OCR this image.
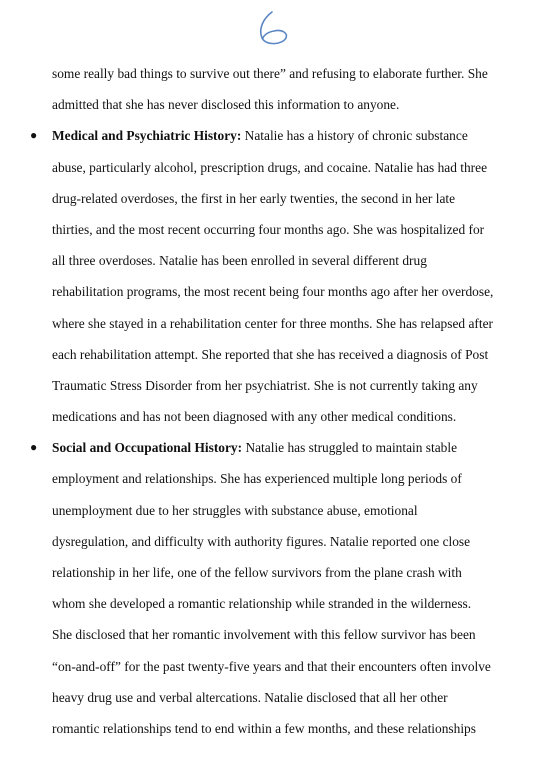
some really bad things to survive out there” and refusing to elaborate further. She
admitted that she has never disclosed this information to anyone.
● Medical and Psychiatric History: Natalie has a history of chronic substance
abuse, particularly alcohol, prescription drugs, and cocaine. Natalie has had three
drug-related overdoses, the first in her early twenties, the second in her late
thirties, and the most recent occurring four months ago. She was hospitalized for
all three overdoses. Natalie has been enrolled in several different drug
rehabilitation programs, the most recent being four months ago after her overdose,
where she stayed in a rehabilitation center for three months. She has relapsed after
each rehabilitation attempt. She reported that she has received a diagnosis of Post
Traumatic Stress Disorder from her psychiatrist. She is not currently taking any
medications and has not been diagnosed with any other medical conditions.
● Social and Occupational History: Natalie has struggled to maintain stable
employment and relationships. She has experienced multiple long periods of
unemployment due to her struggles with substance abuse, emotional
dysregulation, and difficulty with authority figures. Natalie reported one close
relationship in her life, one of the fellow survivors from the plane crash with
whom she developed a romantic relationship while stranded in the wilderness.
She disclosed that her romantic involvement with this fellow survivor has been
“on-and-off” for the past twenty-five years and that their encounters often involve
heavy drug use and verbal altercations. Natalie disclosed that all her other
romantic relationships tend to end within a few months, and these relationships
